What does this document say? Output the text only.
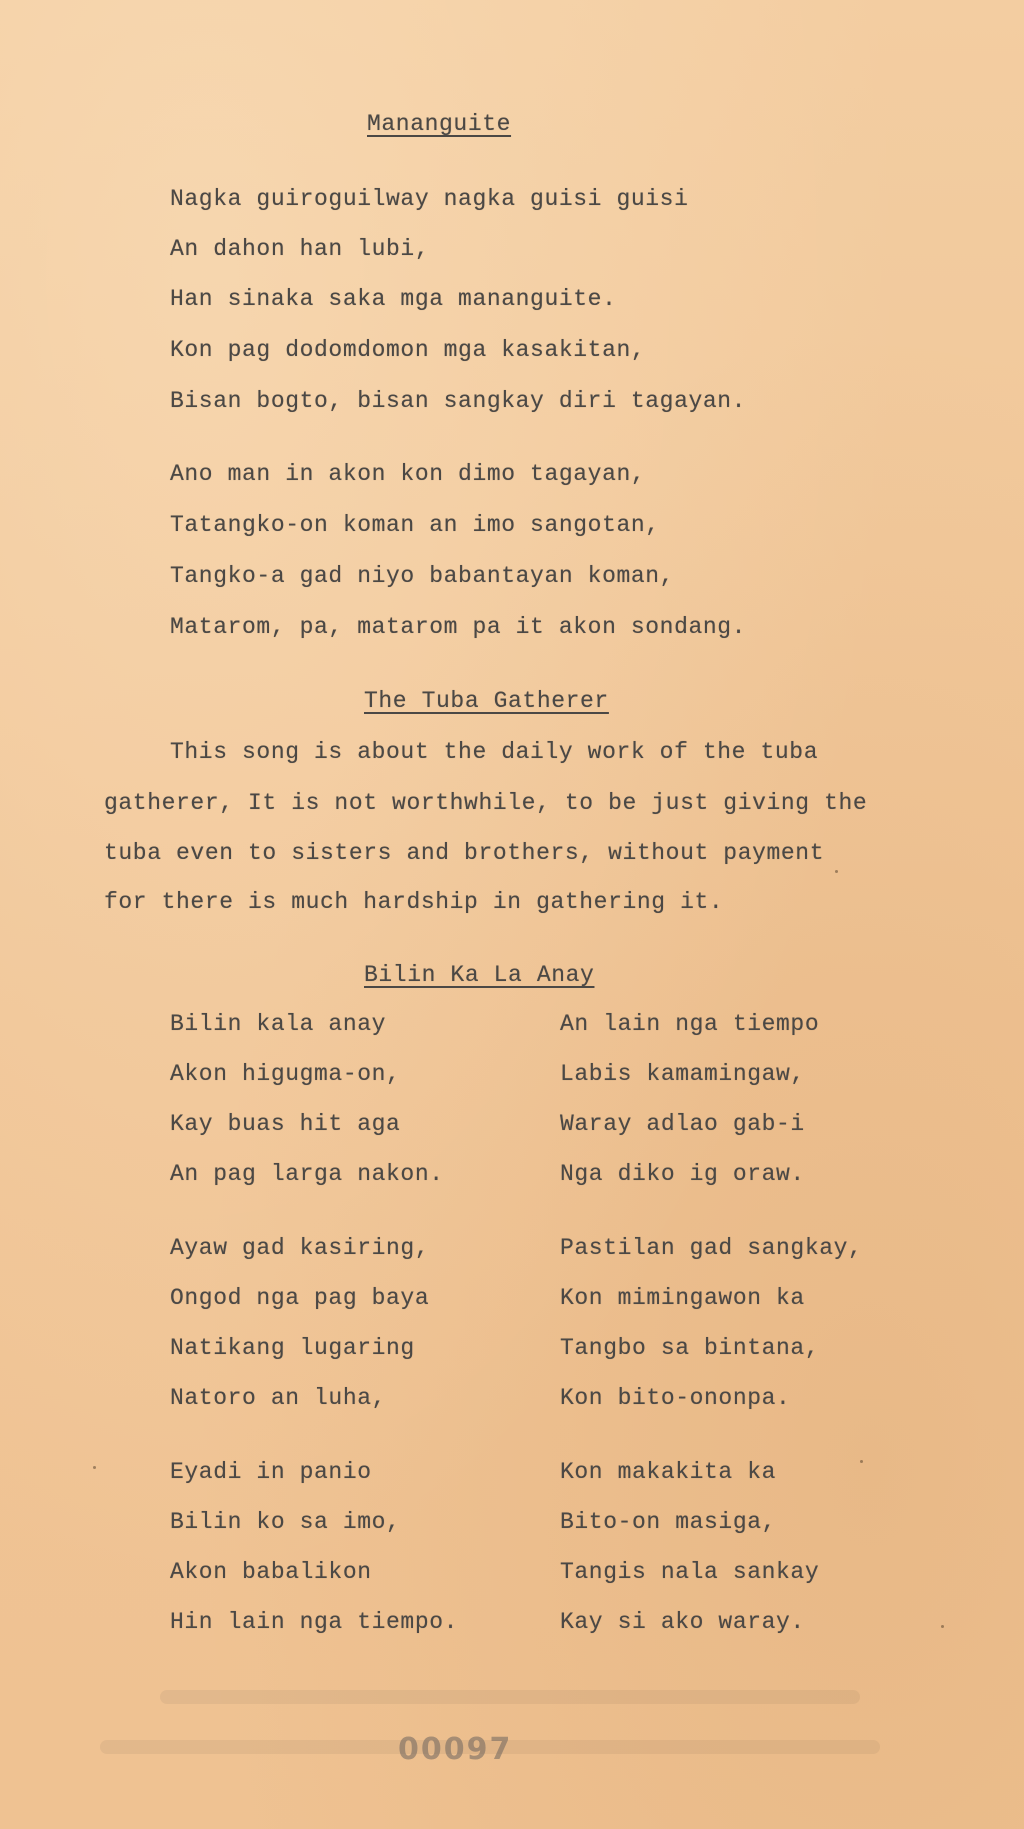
Mananguite
Nagka guiroguilway nagka guisi guisi
An dahon han lubi,
Han sinaka saka mga mananguite.
Kon pag dodomdomon mga kasakitan,
Bisan bogto, bisan sangkay diri tagayan.
Ano man in akon kon dimo tagayan,
Tatangko-on koman an imo sangotan,
Tangko-a gad niyo babantayan koman,
Matarom, pa, matarom pa it akon sondang.
The Tuba Gatherer
This song is about the daily work of the tuba
gatherer, It is not worthwhile, to be just giving the
tuba even to sisters and brothers, without payment
for there is much hardship in gathering it.
Bilin Ka La Anay
Bilin kala anay
Akon higugma-on,
Kay buas hit aga
An pag larga nakon.
Ayaw gad kasiring,
Ongod nga pag baya
Natikang lugaring
Natoro an luha,
Eyadi in panio
Bilin ko sa imo,
Akon babalikon
Hin lain nga tiempo.
An lain nga tiempo
Labis kamamingaw,
Waray adlao gab-i
Nga diko ig oraw.
Pastilan gad sangkay,
Kon mimingawon ka
Tangbo sa bintana,
Kon bito-ononpa.
Kon makakita ka
Bito-on masiga,
Tangis nala sankay
Kay si ako waray.
00097
